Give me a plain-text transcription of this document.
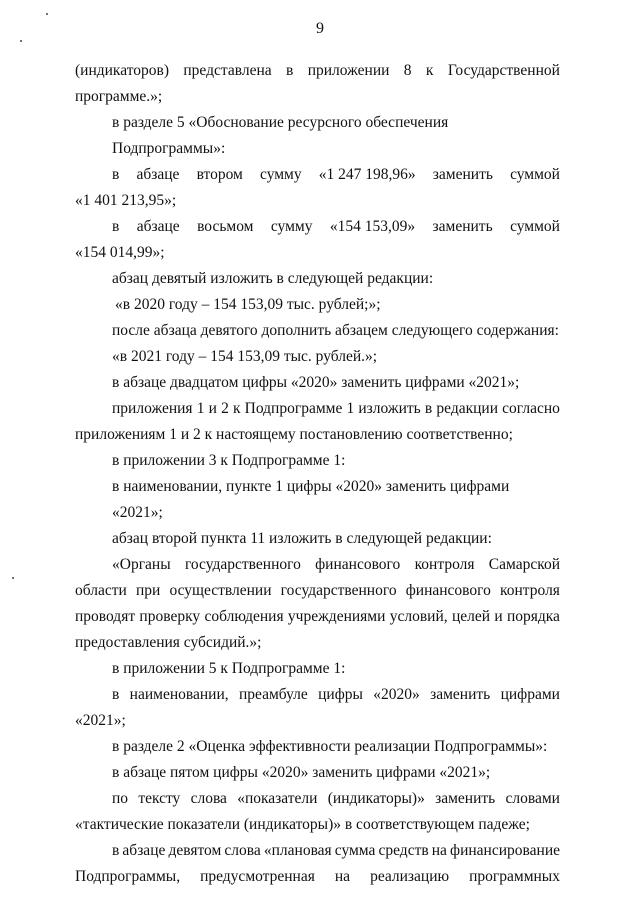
9
(индикаторов) представлена в приложении 8 к Государственной
программе.»;
в разделе 5 «Обоснование ресурсного обеспечения Подпрограммы»:
в абзаце втором сумму «1 247 198,96» заменить суммой
«1 401 213,95»;
в абзаце восьмом сумму «154 153,09» заменить суммой
«154 014,99»;
абзац девятый изложить в следующей редакции:
«в 2020 году – 154 153,09 тыс. рублей;»;
после абзаца девятого дополнить абзацем следующего содержания:
«в 2021 году – 154 153,09 тыс. рублей.»;
в абзаце двадцатом цифры «2020» заменить цифрами «2021»;
приложения 1 и 2 к Подпрограмме 1 изложить в редакции согласно
приложениям 1 и 2 к настоящему постановлению соответственно;
в приложении 3 к Подпрограмме 1:
в наименовании, пункте 1 цифры «2020» заменить цифрами «2021»;
абзац второй пункта 11 изложить в следующей редакции:
«Органы государственного финансового контроля Самарской
области при осуществлении государственного финансового контроля
проводят проверку соблюдения учреждениями условий, целей и порядка
предоставления субсидий.»;
в приложении 5 к Подпрограмме 1:
в наименовании, преамбуле цифры «2020» заменить цифрами
«2021»;
в разделе 2 «Оценка эффективности реализации Подпрограммы»:
в абзаце пятом цифры «2020» заменить цифрами «2021»;
по тексту слова «показатели (индикаторы)» заменить словами
«тактические показатели (индикаторы)» в соответствующем падеже;
в абзаце девятом слова «плановая сумма средств на финансирование
Подпрограммы, предусмотренная на реализацию программных
